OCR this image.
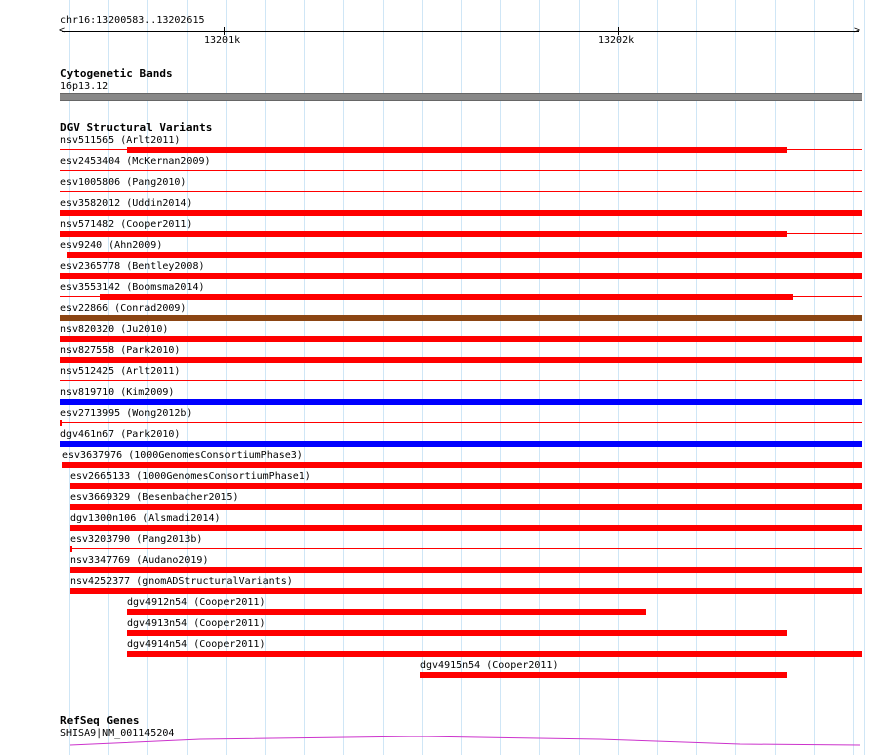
chr16:13200583..13202615
<	>
13201k	13202k
Cytogenetic Bands
16p13.12
DGV Structural Variants
nsv511565 (Arlt2011)
esv2453404 (McKernan2009)
esv1005806 (Pang2010)
esv3582012 (Uddin2014)
nsv571482 (Cooper2011)
esv9240 (Ahn2009)
esv2365778 (Bentley2008)
esv3553142 (Boomsma2014)
esv22866 (Conrad2009)
nsv820320 (Ju2010)
nsv827558 (Park2010)
nsv512425 (Arlt2011)
nsv819710 (Kim2009)
esv2713995 (Wong2012b)
dgv461n67 (Park2010)
esv3637976 (1000GenomesConsortiumPhase3)
esv2665133 (1000GenomesConsortiumPhase1)
esv3669329 (Besenbacher2015)
dgv1300n106 (Alsmadi2014)
esv3203790 (Pang2013b)
nsv3347769 (Audano2019)
nsv4252377 (gnomADStructuralVariants)
dgv4912n54 (Cooper2011)
dgv4913n54 (Cooper2011)
dgv4914n54 (Cooper2011)
dgv4915n54 (Cooper2011)
RefSeq Genes
SHISA9|NM_001145204
